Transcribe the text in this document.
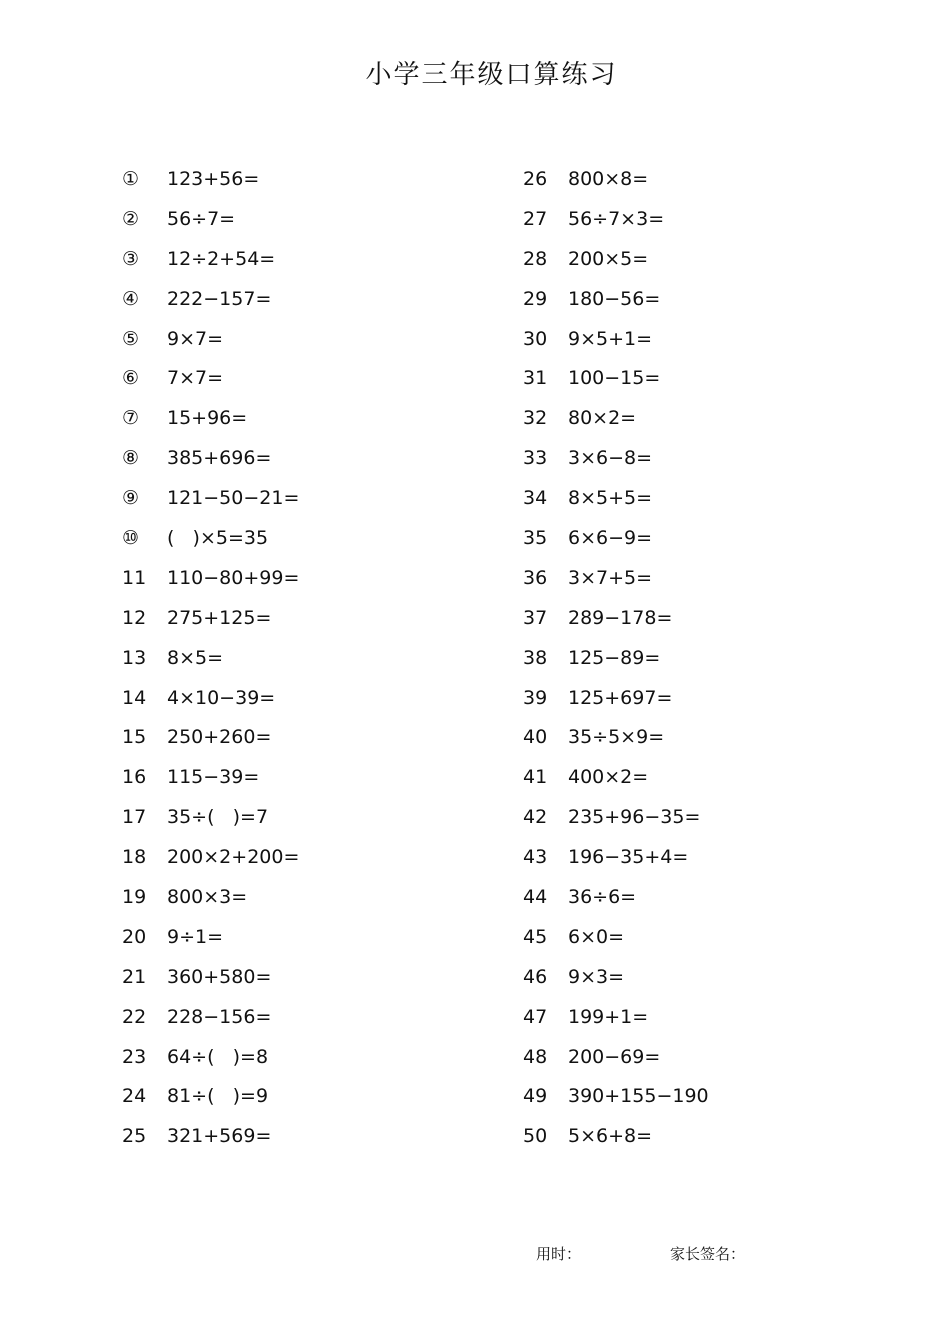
小学三年级口算练习
①	123+56=
②	56÷7=
③	12÷2+54=
④	222−157=
⑤	9×7=
⑥	7×7=
⑦	15+96=
⑧	385+696=
⑨	121−50−21=
⑩	(   )×5=35
11	110−80+99=
12	275+125=
13	8×5=
14	4×10−39=
15	250+260=
16	115−39=
17	35÷(   )=7
18	200×2+200=
19	800×3=
20	9÷1=
21	360+580=
22	228−156=
23	64÷(   )=8
24	81÷(   )=9
25	321+569=
26	800×8=
27	56÷7×3=
28	200×5=
29	180−56=
30	9×5+1=
31	100−15=
32	80×2=
33	3×6−8=
34	8×5+5=
35	6×6−9=
36	3×7+5=
37	289−178=
38	125−89=
39	125+697=
40	35÷5×9=
41	400×2=
42	235+96−35=
43	196−35+4=
44	36÷6=
45	6×0=
46	9×3=
47	199+1=
48	200−69=
49	390+155−190
50	5×6+8=
用时：	家长签名：
